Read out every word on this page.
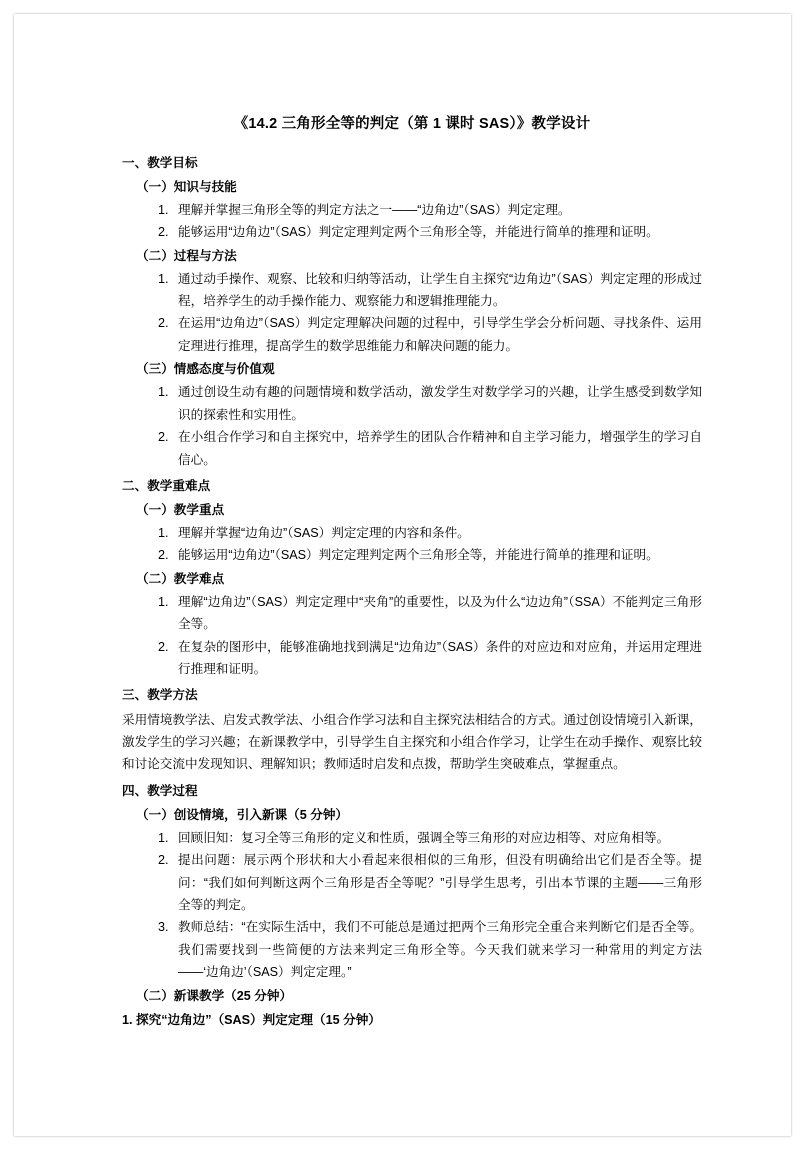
《14.2 三角形全等的判定（第 1 课时 SAS）》教学设计
一、教学目标
（一）知识与技能
1. 理解并掌握三角形全等的判定方法之一——“边角边”（SAS）判定定理。
2. 能够运用“边角边”（SAS）判定定理判定两个三角形全等，并能进行简单的推理和证明。
（二）过程与方法
1. 通过动手操作、观察、比较和归纳等活动，让学生自主探究“边角边”（SAS）判定定理的形成过程，培养学生的动手操作能力、观察能力和逻辑推理能力。
2. 在运用“边角边”（SAS）判定定理解决问题的过程中，引导学生学会分析问题、寻找条件、运用定理进行推理，提高学生的数学思维能力和解决问题的能力。
（三）情感态度与价值观
1. 通过创设生动有趣的问题情境和数学活动，激发学生对数学学习的兴趣，让学生感受到数学知识的探索性和实用性。
2. 在小组合作学习和自主探究中，培养学生的团队合作精神和自主学习能力，增强学生的学习自信心。
二、教学重难点
（一）教学重点
1. 理解并掌握“边角边”（SAS）判定定理的内容和条件。
2. 能够运用“边角边”（SAS）判定定理判定两个三角形全等，并能进行简单的推理和证明。
（二）教学难点
1. 理解“边角边”（SAS）判定定理中“夹角”的重要性，以及为什么“边边角”（SSA）不能判定三角形全等。
2. 在复杂的图形中，能够准确地找到满足“边角边”（SAS）条件的对应边和对应角，并运用定理进行推理和证明。
三、教学方法

采用情境教学法、启发式教学法、小组合作学习法和自主探究法相结合的方式。通过创设情境引入新课，激发学生的学习兴趣；在新课教学中，引导学生自主探究和小组合作学习，让学生在动手操作、观察比较和讨论交流中发现知识、理解知识；教师适时启发和点拨，帮助学生突破难点，掌握重点。

四、教学过程
（一）创设情境，引入新课（5 分钟）
1. 回顾旧知：复习全等三角形的定义和性质，强调全等三角形的对应边相等、对应角相等。
2. 提出问题：展示两个形状和大小看起来很相似的三角形，但没有明确给出它们是否全等。提问：“我们如何判断这两个三角形是否全等呢？”引导学生思考，引出本节课的主题——三角形全等的判定。
3. 教师总结：“在实际生活中，我们不可能总是通过把两个三角形完全重合来判断它们是否全等。我们需要找到一些简便的方法来判定三角形全等。今天我们就来学习一种常用的判定方法——‘边角边’（SAS）判定定理。”
（二）新课教学（25 分钟）
1. 探究“边角边”（SAS）判定定理（15 分钟）
